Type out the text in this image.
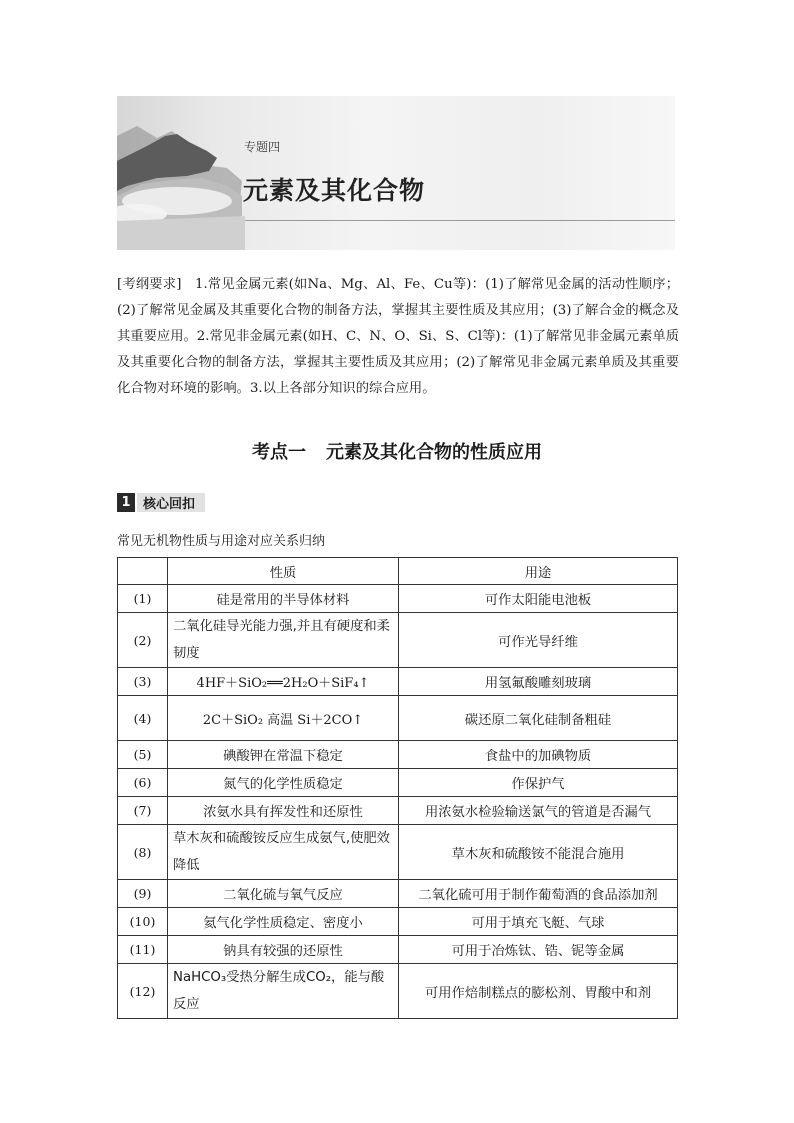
专题四
元素及其化合物

[考纲要求]　1.常见金属元素(如Na、Mg、Al、Fe、Cu等)：(1)了解常见金属的活动性顺序；(2)了解常见金属及其重要化合物的制备方法，掌握其主要性质及其应用；(3)了解合金的概念及其重要应用。2.常见非金属元素(如H、C、N、O、Si、S、Cl等)：(1)了解常见非金属元素单质及其重要化合物的制备方法，掌握其主要性质及其应用；(2)了解常见非金属元素单质及其重要化合物对环境的影响。3.以上各部分知识的综合应用。

考点一 元素及其化合物的性质应用
1 核心回扣
常见无机物性质与用途对应关系归纳
	性质	用途
(1)	硅是常用的半导体材料	可作太阳能电池板
(2)	二氧化硅导光能力强,并且有硬度和柔韧度	可作光导纤维
(3)	4HF＋SiO₂══2H₂O＋SiF₄↑	用氢氟酸雕刻玻璃
(4)	2C＋SiO₂ 高温 Si＋2CO↑	碳还原二氧化硅制备粗硅
(5)	碘酸钾在常温下稳定	食盐中的加碘物质
(6)	氮气的化学性质稳定	作保护气
(7)	浓氨水具有挥发性和还原性	用浓氨水检验输送氯气的管道是否漏气
(8)	草木灰和硫酸铵反应生成氨气,使肥效降低	草木灰和硫酸铵不能混合施用
(9)	二氧化硫与氧气反应	二氧化硫可用于制作葡萄酒的食品添加剂
(10)	氦气化学性质稳定、密度小	可用于填充飞艇、气球
(11)	钠具有较强的还原性	可用于冶炼钛、锆、铌等金属
(12)	NaHCO₃受热分解生成CO₂，能与酸反应	可用作焙制糕点的膨松剂、胃酸中和剂
